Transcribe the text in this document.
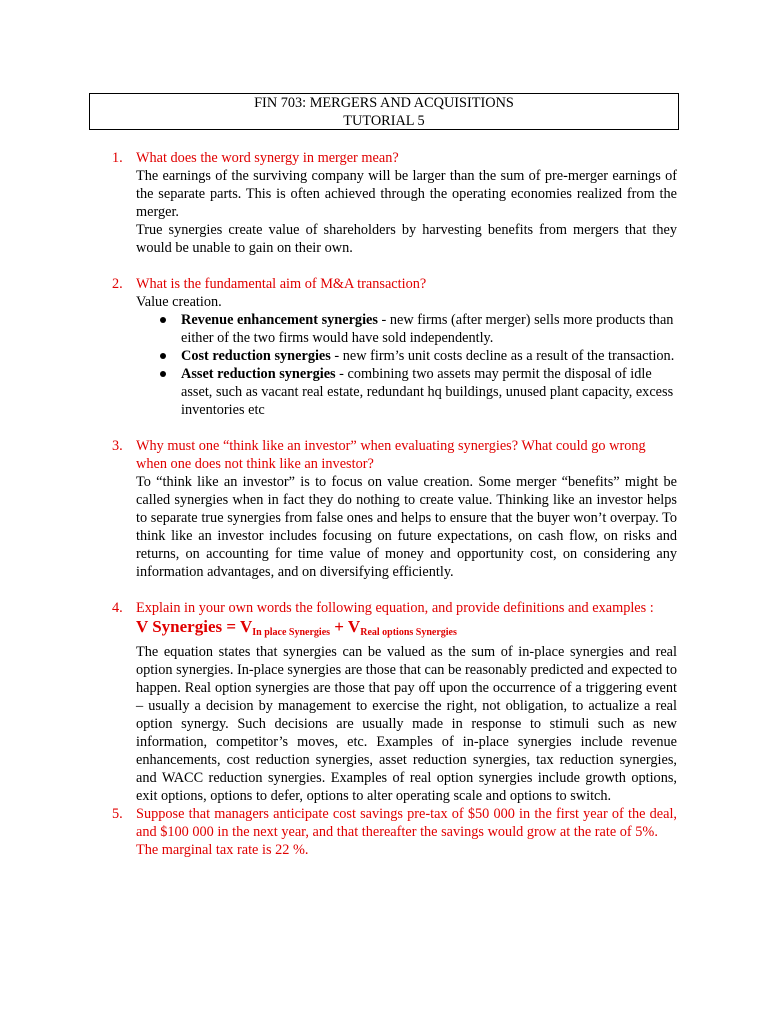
FIN 703: MERGERS AND ACQUISITIONS
TUTORIAL 5
1. What does the word synergy in merger mean?
The earnings of the surviving company will be larger than the sum of pre-merger earnings of the separate parts. This is often achieved through the operating economies realized from the merger.
True synergies create value of shareholders by harvesting benefits from mergers that they would be unable to gain on their own.
2. What is the fundamental aim of M&A transaction?
Value creation.
Revenue enhancement synergies - new firms (after merger) sells more products than either of the two firms would have sold independently.
Cost reduction synergies - new firm’s unit costs decline as a result of the transaction.
Asset reduction synergies - combining two assets may permit the disposal of idle asset, such as vacant real estate, redundant hq buildings, unused plant capacity, excess inventories etc
3. Why must one “think like an investor” when evaluating synergies? What could go wrong when one does not think like an investor?
To “think like an investor” is to focus on value creation. Some merger “benefits” might be called synergies when in fact they do nothing to create value. Thinking like an investor helps to separate true synergies from false ones and helps to ensure that the buyer won’t overpay. To think like an investor includes focusing on future expectations, on cash flow, on risks and returns, on accounting for time value of money and opportunity cost, on considering any information advantages, and on diversifying efficiently.
4. Explain in your own words the following equation, and provide definitions and examples :
V Synergies = $V_{In place Synergies} + V_{Real options Synergies}$
The equation states that synergies can be valued as the sum of in-place synergies and real option synergies. In-place synergies are those that can be reasonably predicted and expected to happen. Real option synergies are those that pay off upon the occurrence of a triggering event – usually a decision by management to exercise the right, not obligation, to actualize a real option synergy. Such decisions are usually made in response to stimuli such as new information, competitor’s moves, etc. Examples of in-place synergies include revenue enhancements, cost reduction synergies, asset reduction synergies, tax reduction synergies, and WACC reduction synergies. Examples of real option synergies include growth options, exit options, options to defer, options to alter operating scale and options to switch.
5. Suppose that managers anticipate cost savings pre-tax of $50 000 in the first year of the deal, and $100 000 in the next year, and that thereafter the savings would grow at the rate of 5%.
The marginal tax rate is 22 %.
